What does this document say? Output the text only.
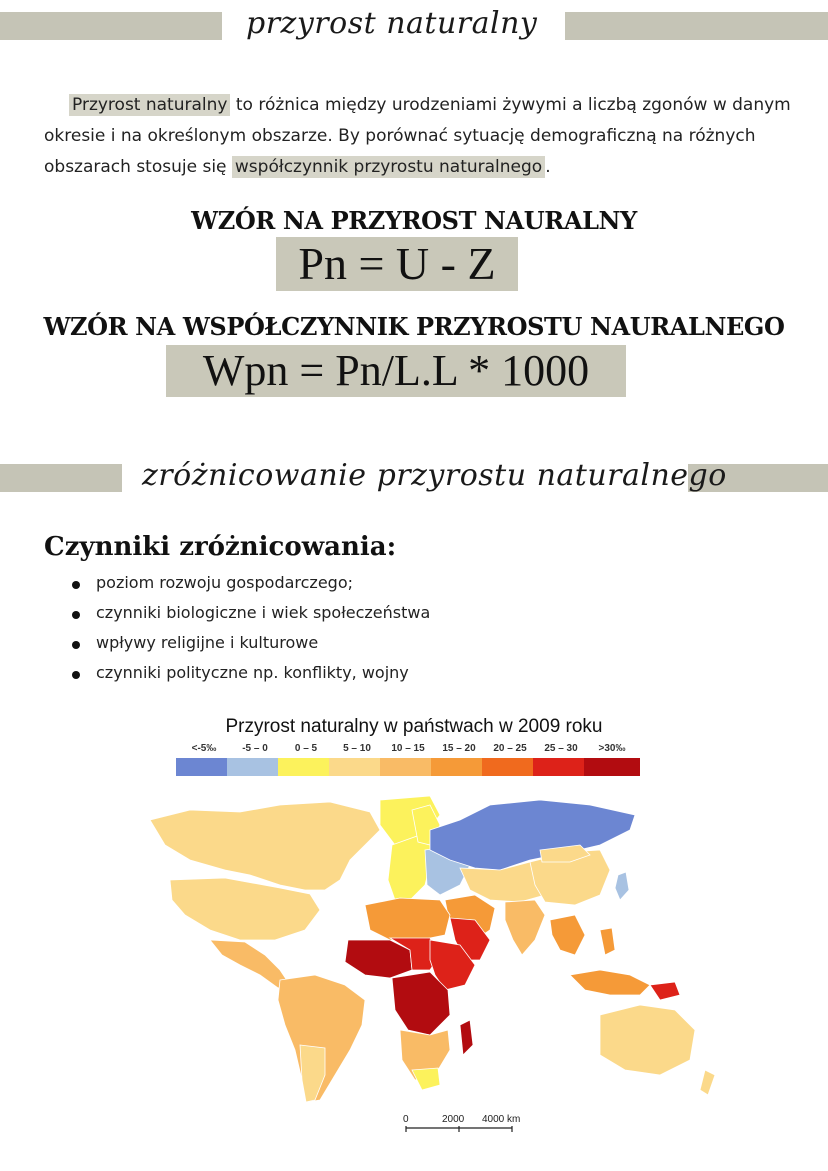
przyrost naturalny
Przyrost naturalny to różnica między urodzeniami żywymi a liczbą zgonów w danym okresie i na określonym obszarze. By porównać sytuację demograficzną na różnych obszarach stosuje się współczynnik przyrostu naturalnego .
WZÓR NA PRZYROST NAURALNY
Pn = U - Z
WZÓR NA WSPÓŁCZYNNIK PRZYROSTU NAURALNEGO
Wpn = Pn/L.L * 1000
zróżnicowanie przyrostu naturalnego
Czynniki zróżnicowania:
poziom rozwoju gospodarczego;
czynniki biologiczne i wiek społeczeństwa
wpływy religijne i kulturowe
czynniki polityczne np. konflikty, wojny
Przyrost naturalny w państwach w 2009 roku
<-5‰	-5 – 0	0 – 5	5 – 10	10 – 15	15 – 20	20 – 25	25 – 30	>30‰
0	2000 4000 km
